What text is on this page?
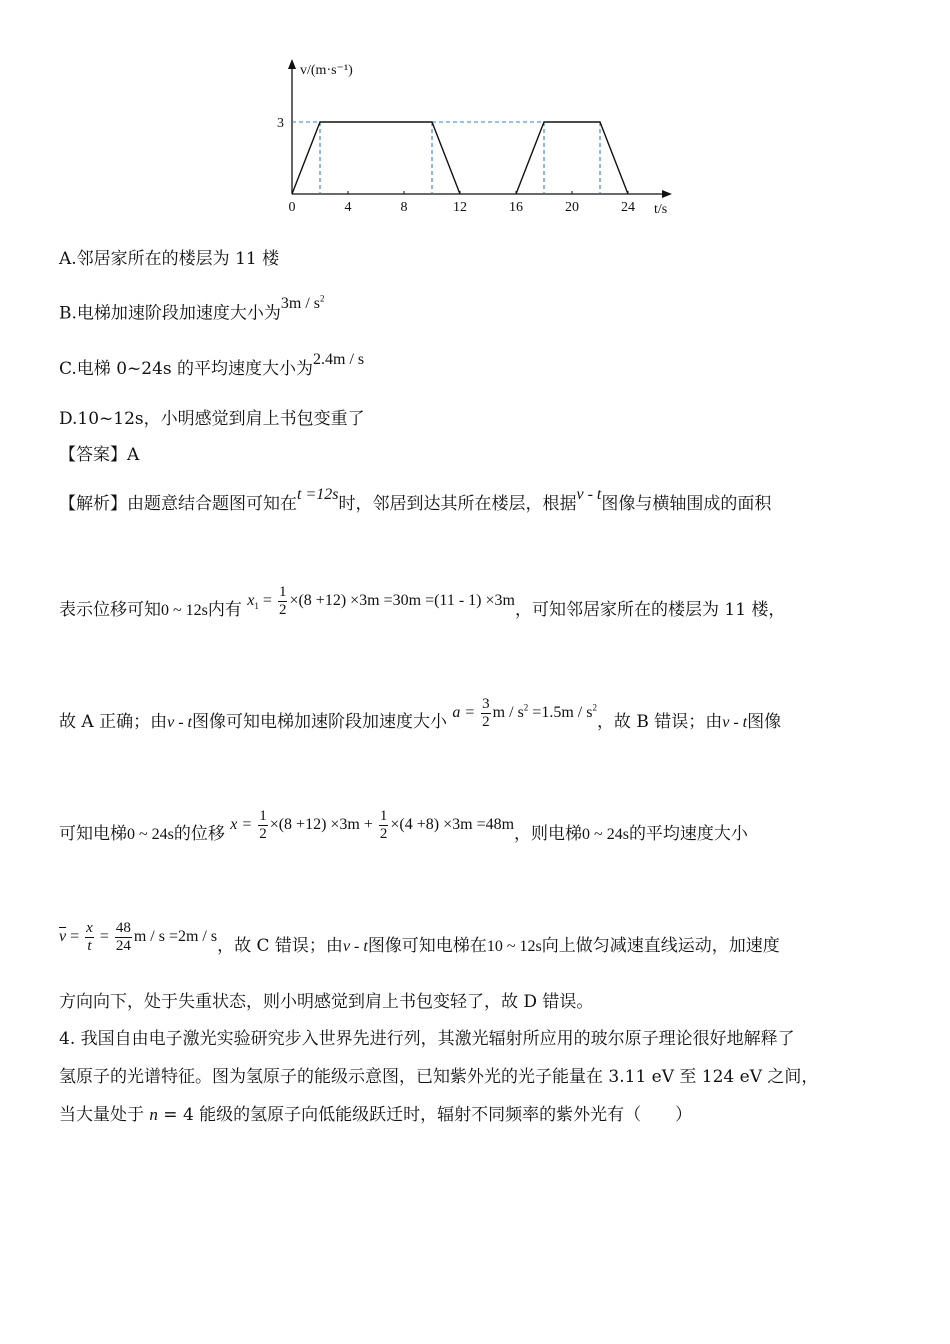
0	4	8	12	16	20	24
3
v/(m·s⁻¹)
t/s
A.邻居家所在的楼层为 11 楼
B.电梯加速阶段加速度大小为$3m / s^2$
C.电梯 0~24s 的平均速度大小为2.4m / s
D.10~12s，小明感觉到肩上书包变重了
【答案】A
【解析】由题意结合题图可知在t =12s时，邻居到达其所在楼层，根据v - t图像与横轴围成的面积
表示位移可知0 ~ 12s内有 $x_1 = \frac{1}{2} \times(8 +12) \times 3m =30m =(11 - 1) \times 3m$，可知邻居家所在的楼层为 11 楼，
故 A 正确；由v - t图像可知电梯加速阶段加速度大小 $a = \frac{3}{2}$ $m / s^2 =1.5m / s^2$，故 B 错误；由v - t图像
可知电梯0 ~ 24s的位移 $x = \frac{1}{2} \times(8 +12) \times 3m + \frac{1}{2} \times(4 +8) \times 3m =48m$，则电梯0 ~ 24s的平均速度大小
$\overline{v} = \frac{x}{t} = \frac{48}{24}$ m / s =2m / s，故 C 错误；由v - t图像可知电梯在10 ~ 12s向上做匀减速直线运动，加速度
方向向下，处于失重状态，则小明感觉到肩上书包变轻了，故 D 错误。
4. 我国自由电子激光实验研究步入世界先进行列，其激光辐射所应用的玻尔原子理论很好地解释了
氢原子的光谱特征。图为氢原子的能级示意图，已知紫外光的光子能量在 3.11 eV 至 124 eV 之间，
当大量处于 n = 4 能级的氢原子向低能级跃迁时，辐射不同频率的紫外光有（　　）
